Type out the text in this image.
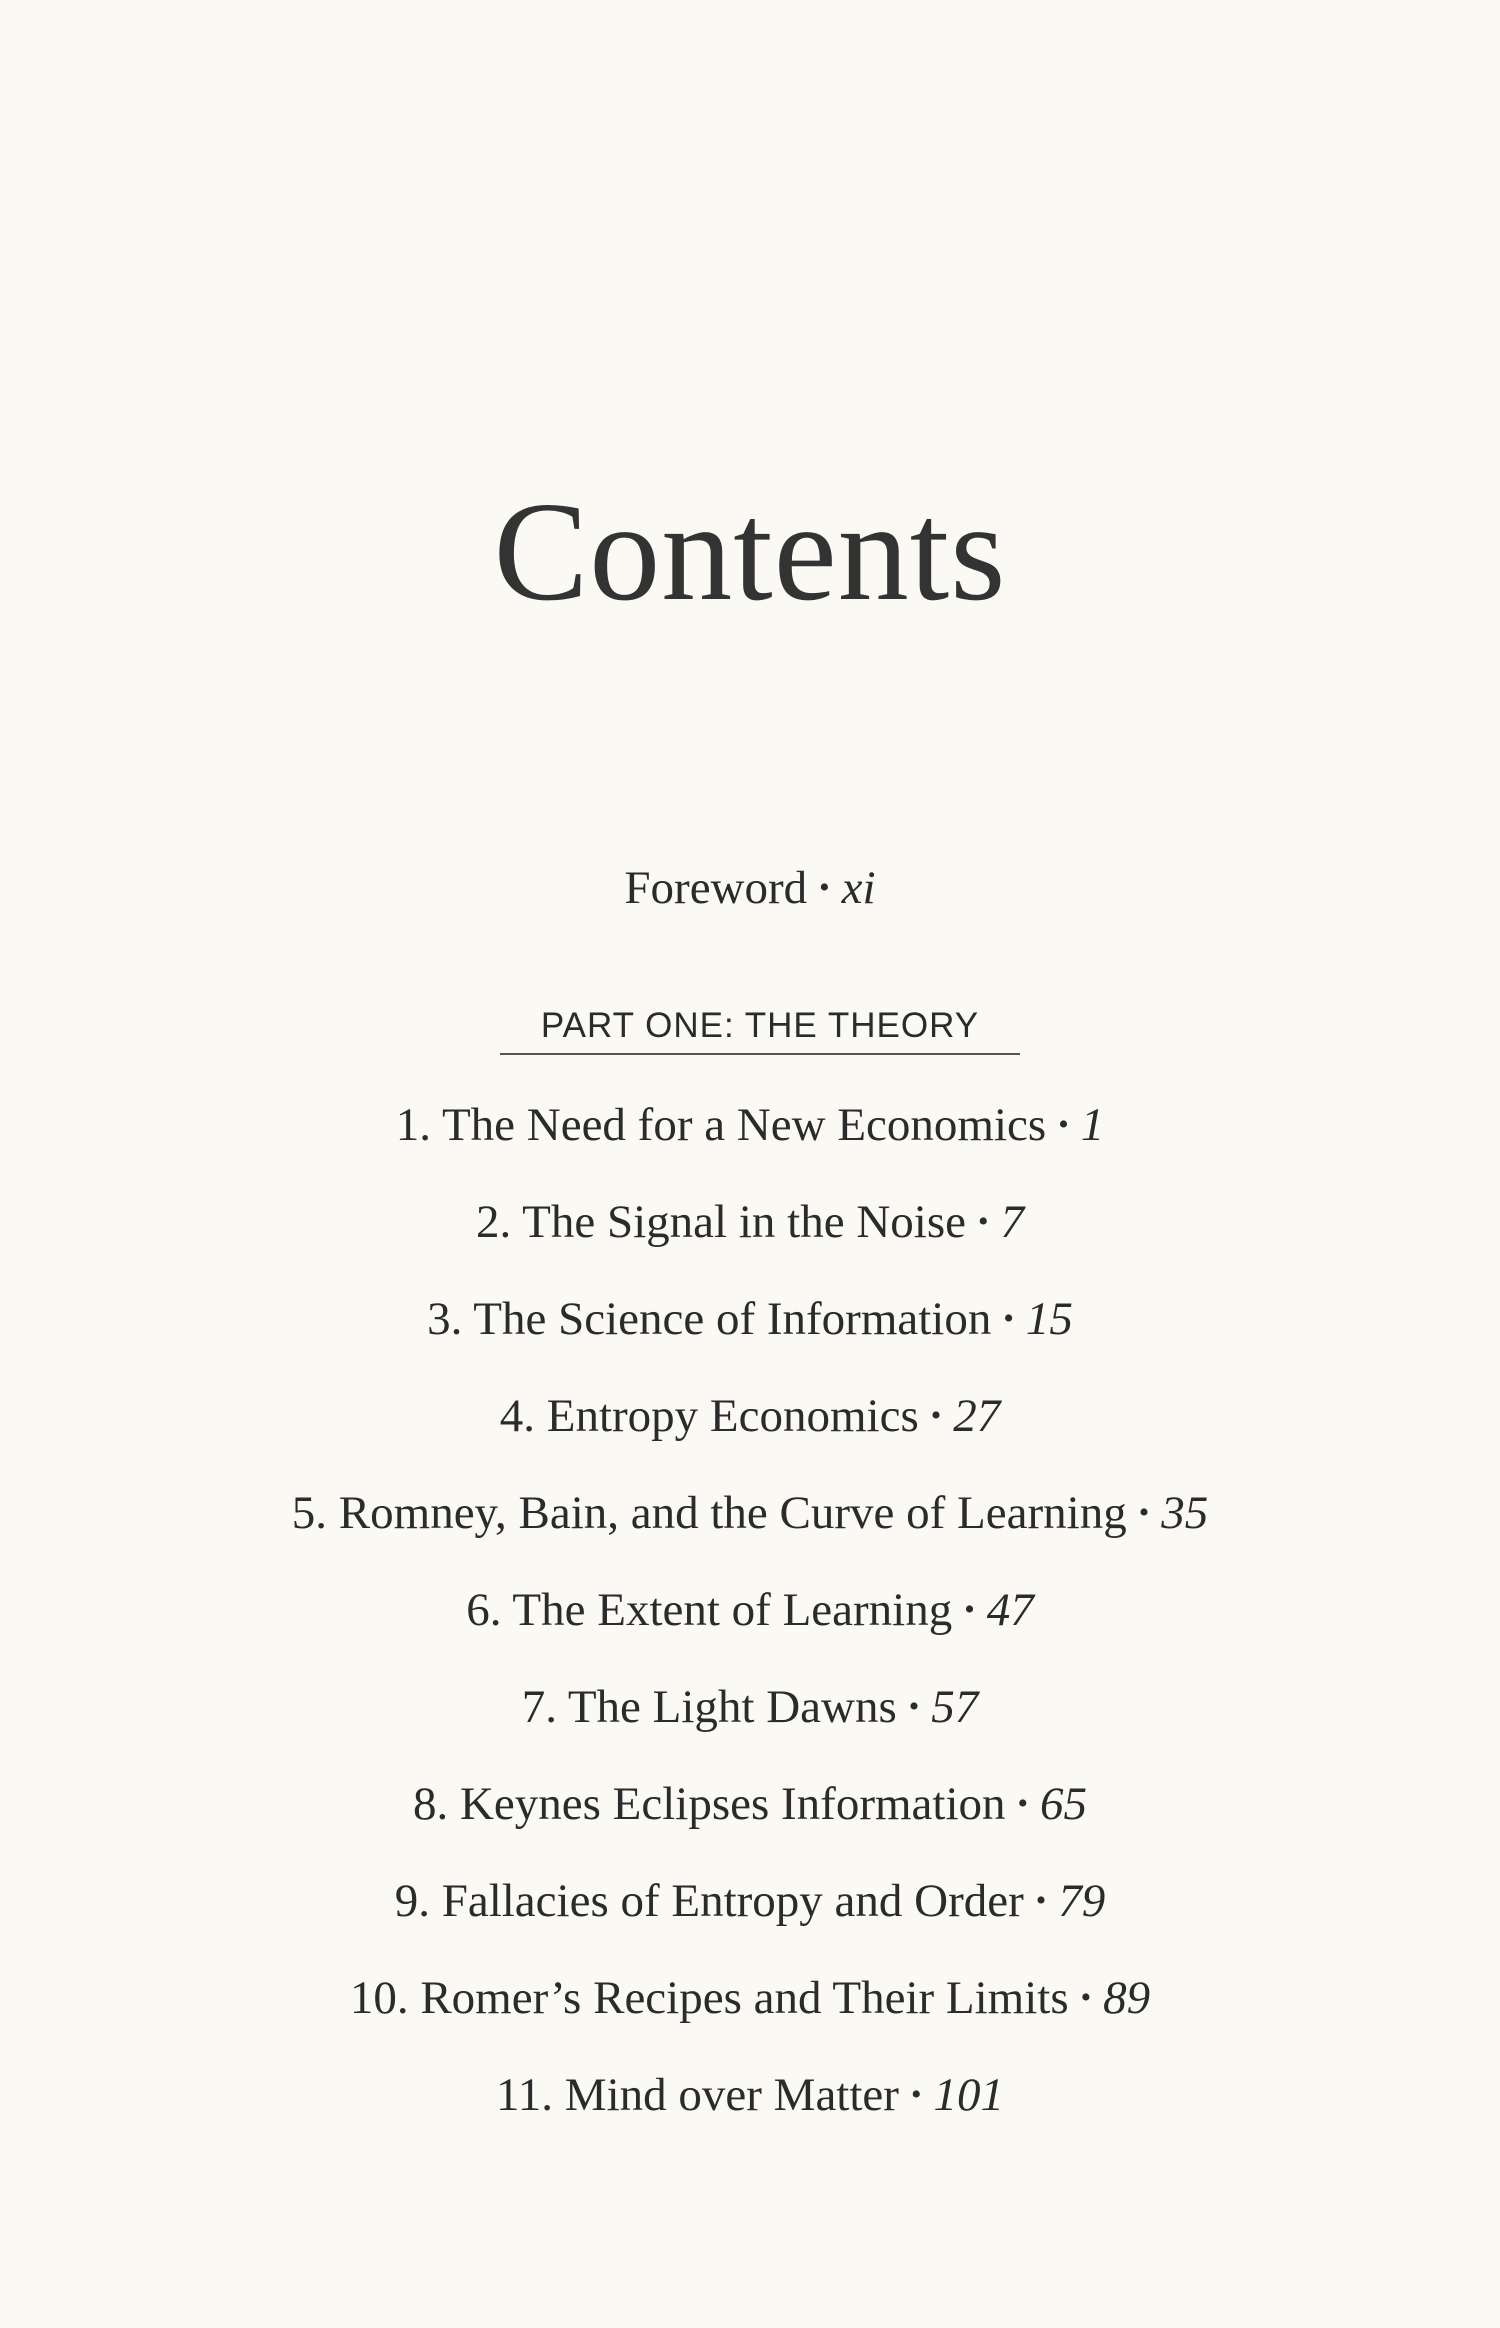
Contents
Foreword • xi
PART ONE: THE THEORY
1. The Need for a New Economics • 1
2. The Signal in the Noise • 7
3. The Science of Information • 15
4. Entropy Economics • 27
5. Romney, Bain, and the Curve of Learning • 35
6. The Extent of Learning • 47
7. The Light Dawns • 57
8. Keynes Eclipses Information • 65
9. Fallacies of Entropy and Order • 79
10. Romer’s Recipes and Their Limits • 89
11. Mind over Matter • 101
